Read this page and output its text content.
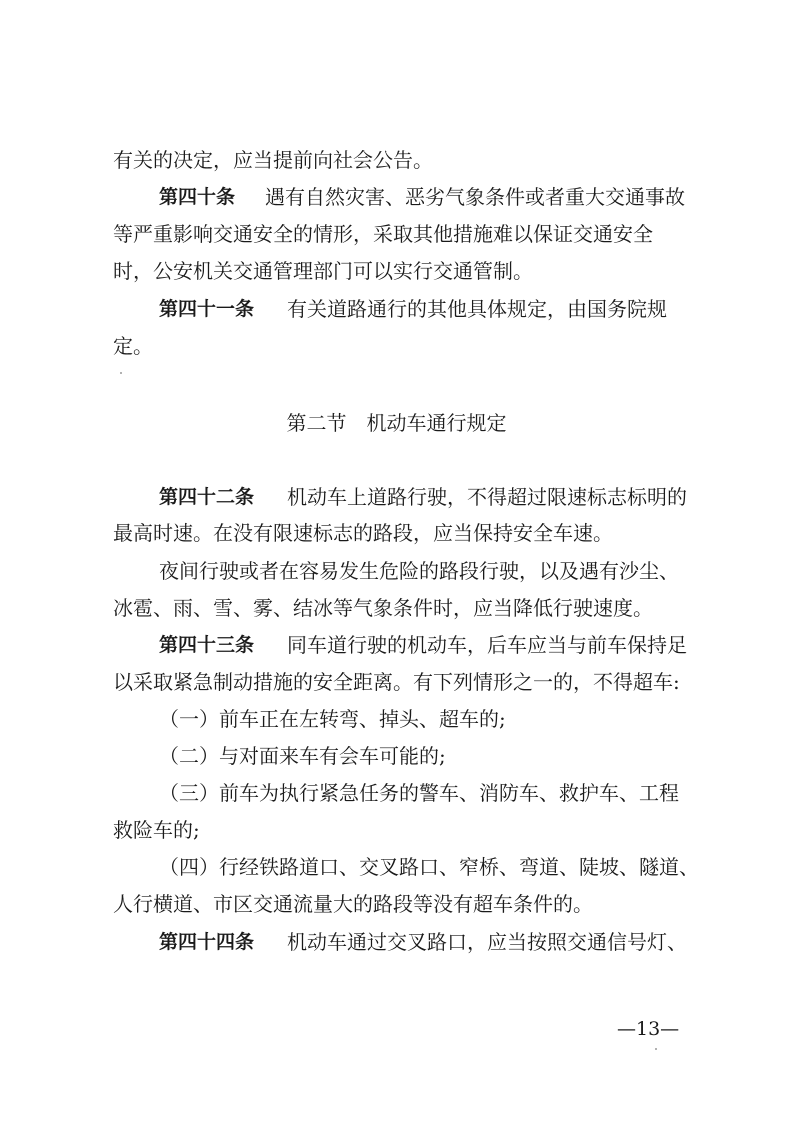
有关的决定，应当提前向社会公告。
第四十条 遇有自然灾害、恶劣气象条件或者重大交通事故
等严重影响交通安全的情形，采取其他措施难以保证交通安全
时，公安机关交通管理部门可以实行交通管制。
第四十一条 有关道路通行的其他具体规定，由国务院规
定。
第二节　机动车通行规定
第四十二条 机动车上道路行驶，不得超过限速标志标明的
最高时速。在没有限速标志的路段，应当保持安全车速。
夜间行驶或者在容易发生危险的路段行驶，以及遇有沙尘、
冰雹、雨、雪、雾、结冰等气象条件时，应当降低行驶速度。
第四十三条 同车道行驶的机动车，后车应当与前车保持足
以采取紧急制动措施的安全距离。有下列情形之一的，不得超车:
（一）前车正在左转弯、掉头、超车的;
（二）与对面来车有会车可能的;
（三）前车为执行紧急任务的警车、消防车、救护车、工程
救险车的;
（四）行经铁路道口、交叉路口、窄桥、弯道、陡坡、隧道、
人行横道、市区交通流量大的路段等没有超车条件的。
第四十四条 机动车通过交叉路口，应当按照交通信号灯、
—13—
